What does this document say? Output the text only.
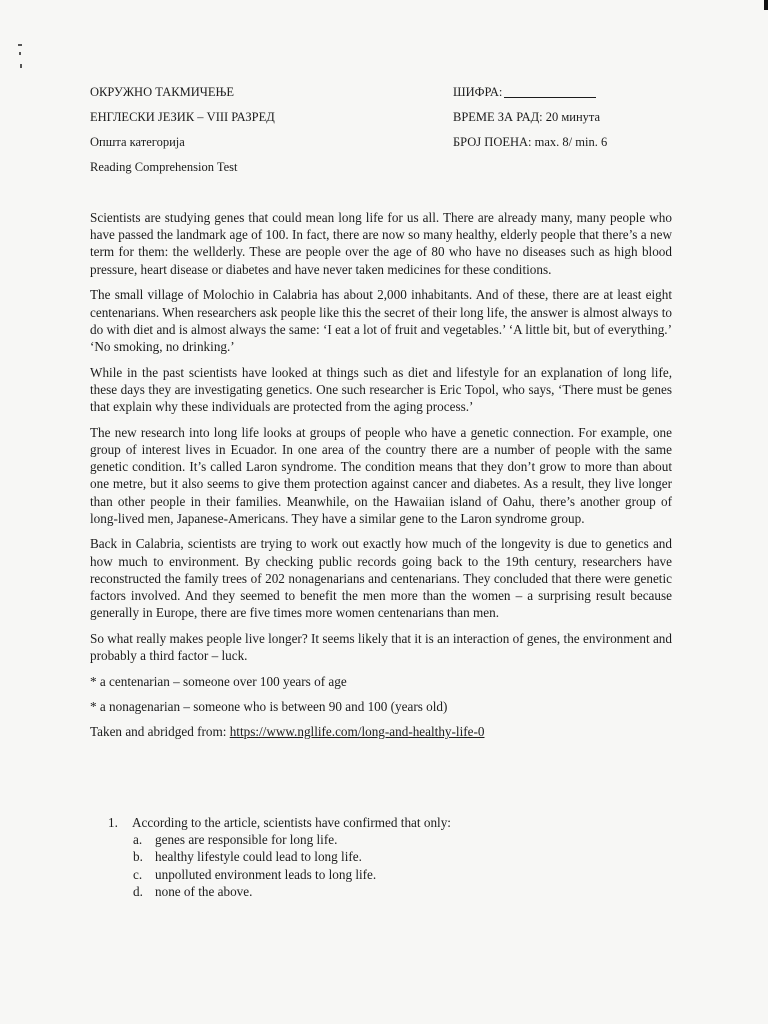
ОКРУЖНО ТАКМИЧЕЊЕ	ШИФРА:
ЕНГЛЕСКИ ЈЕЗИК – VIII РАЗРЕД	ВРЕМЕ ЗА РАД: 20 минута
Општа категорија	БРОЈ ПОЕНА: max. 8/ min. 6
Reading Comprehension Test

Scientists are studying genes that could mean long life for us all. There are already many, many people who have passed the landmark age of 100. In fact, there are now so many healthy, elderly people that there’s a new term for them: the wellderly. These are people over the age of 80 who have no diseases such as high blood pressure, heart disease or diabetes and have never taken medicines for these conditions.

The small village of Molochio in Calabria has about 2,000 inhabitants. And of these, there are at least eight centenarians. When researchers ask people like this the secret of their long life, the answer is almost always to do with diet and is almost always the same: ‘I eat a lot of fruit and vegetables.’ ‘A little bit, but of everything.’ ‘No smoking, no drinking.’

While in the past scientists have looked at things such as diet and lifestyle for an explanation of long life, these days they are investigating genetics. One such researcher is Eric Topol, who says, ‘There must be genes that explain why these individuals are protected from the aging process.’

The new research into long life looks at groups of people who have a genetic connection. For example, one group of interest lives in Ecuador. In one area of the country there are a number of people with the same genetic condition. It’s called Laron syndrome. The condition means that they don’t grow to more than about one metre, but it also seems to give them protection against cancer and diabetes. As a result, they live longer than other people in their families. Meanwhile, on the Hawaiian island of Oahu, there’s another group of long-lived men, Japanese-Americans. They have a similar gene to the Laron syndrome group.

Back in Calabria, scientists are trying to work out exactly how much of the longevity is due to genetics and how much to environment. By checking public records going back to the 19th century, researchers have reconstructed the family trees of 202 nonagenarians and centenarians. They concluded that there were genetic factors involved. And they seemed to benefit the men more than the women – a surprising result because generally in Europe, there are five times more women centenarians than men.

So what really makes people live longer? It seems likely that it is an interaction of genes, the environment and probably a third factor – luck.

* a centenarian – someone over 100 years of age

* a nonagenarian – someone who is between 90 and 100 (years old)

Taken and abridged from: https://www.ngllife.com/long-and-healthy-life-0

1. According to the article, scientists have confirmed that only:
a. genes are responsible for long life.
b. healthy lifestyle could lead to long life.
c. unpolluted environment leads to long life.
d. none of the above.
